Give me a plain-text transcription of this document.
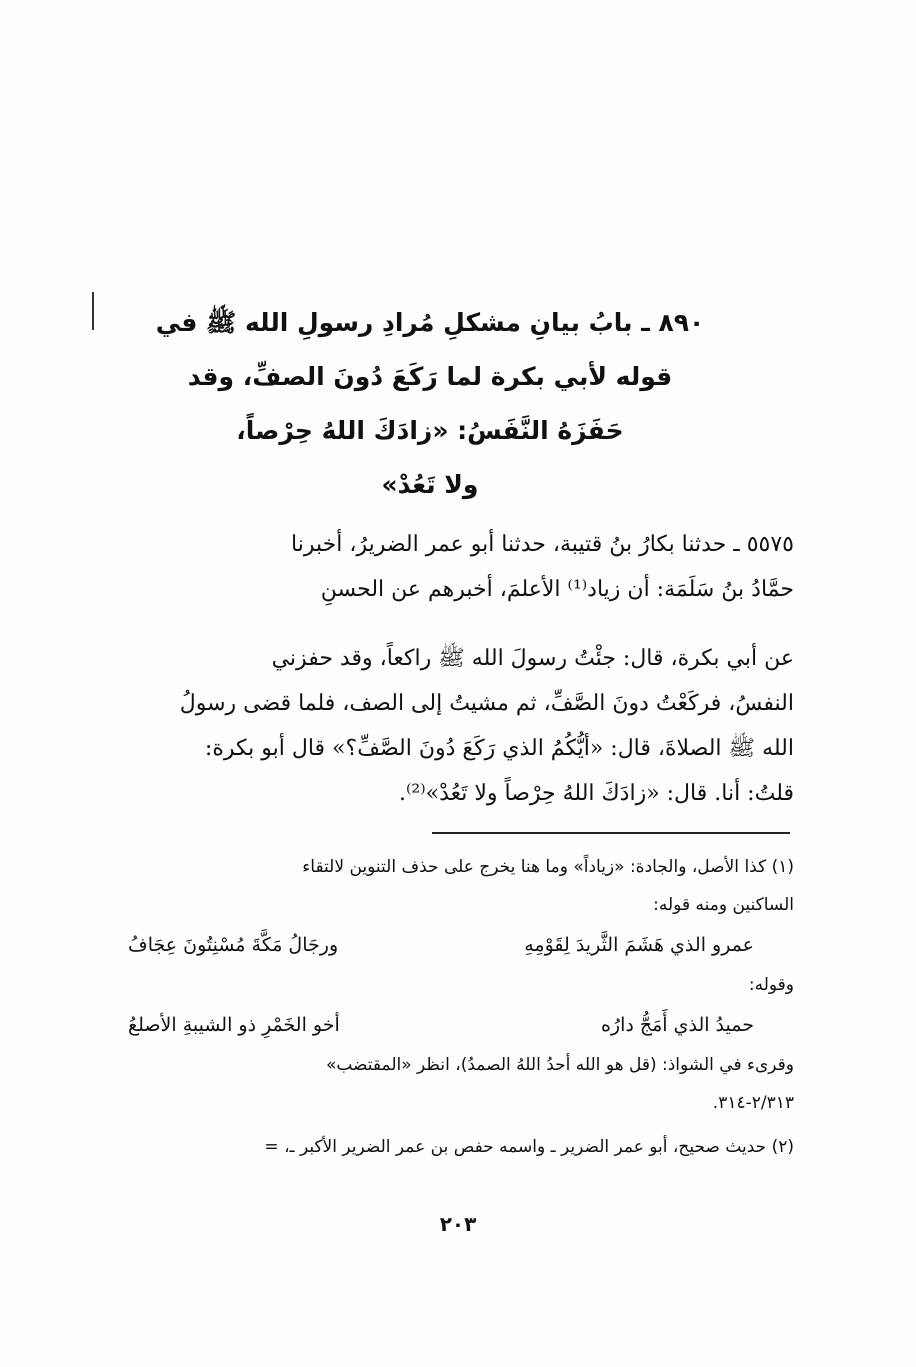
٨٩٠ ـ بابُ بيانِ مشكلِ مُرادِ رسولِ الله ﷺ في
قوله لأبي بكرة لما رَكَعَ دُونَ الصفِّ، وقد
حَفَزَهُ النَّفَسُ: «زادَكَ اللهُ حِرْصاً،
ولا تَعُدْ»
٥٥٧٥ ـ حدثنا بكارُ بنُ قتيبة، حدثنا أبو عمر الضريرُ، أخبرنا
حمَّادُ بنُ سَلَمَة: أن زياد⁽¹⁾ الأعلمَ، أخبرهم عن الحسنِ
عن أبي بكرة، قال: جئْتُ رسولَ الله ﷺ راكعاً، وقد حفزني
النفسُ، فركَعْتُ دونَ الصَّفِّ، ثم مشيتُ إلى الصف، فلما قضى رسولُ
الله ﷺ الصلاةَ، قال: «أيُّكُمُ الذي رَكَعَ دُونَ الصَّفِّ؟» قال أبو بكرة:
قلتُ: أنا. قال: «زادَكَ اللهُ حِرْصاً ولا تَعُدْ»⁽²⁾.
(١) كذا الأصل، والجادة: «زياداً» وما هنا يخرج على حذف التنوين لالتقاء
الساكنين ومنه قوله:
عمرو الذي هَشَمَ الثَّريدَ لِقَوْمِهِ
ورجَالُ مَكَّةَ مُسْنِتُونَ عِجَافُ
وقوله:
حميدُ الذي أَمَجُّ دارُه
أخو الخَمْرِ ذو الشيبةِ الأصلعُ
وقرىء في الشواذ: (قل هو الله أحدُ اللهُ الصمدُ)، انظر «المقتضب»
٢/٣١٣-٣١٤.
(٢) حديث صحيح، أبو عمر الضرير ـ واسمه حفص بن عمر الضرير الأكبر ـ، =
٢٠٣
